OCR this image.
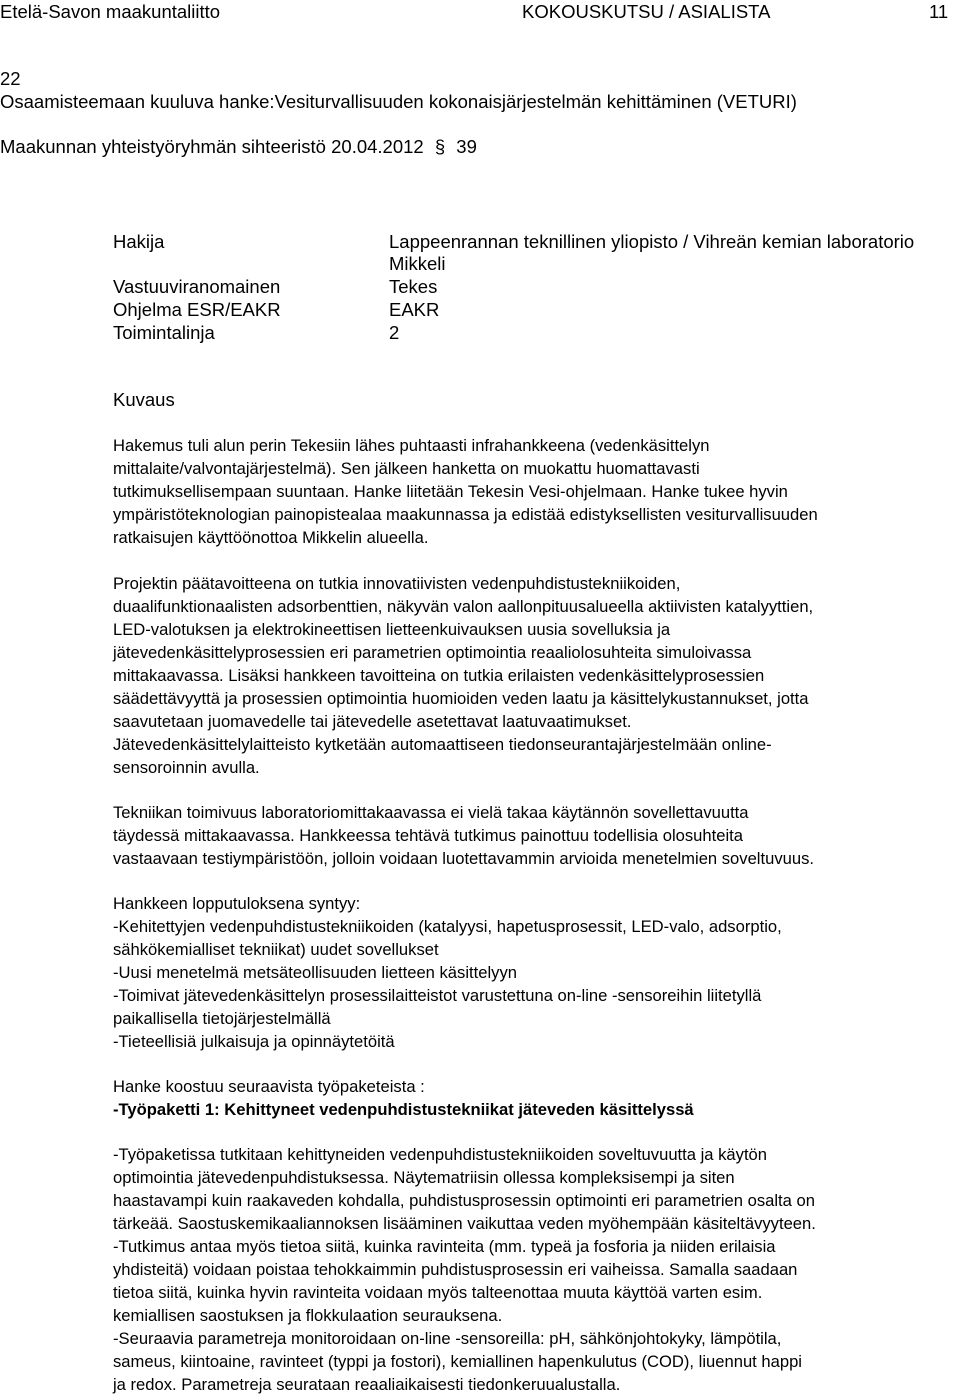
Etelä-Savon maakuntaliitto	KOKOUSKUTSU / ASIALISTA	11
22
Osaamisteemaan kuuluva hanke:Vesiturvallisuuden kokonaisjärjestelmän kehittäminen (VETURI)
Maakunnan yhteistyöryhmän sihteeristö 20.04.2012 § 39
Hakija	Lappeenrannan teknillinen yliopisto / Vihreän kemian laboratorio
Mikkeli
Vastuuviranomainen	Tekes
Ohjelma ESR/EAKR	EAKR
Toimintalinja	2
Kuvaus
Hakemus tuli alun perin Tekesiin lähes puhtaasti infrahankkeena (vedenkäsittelyn
mittalaite/valvontajärjestelmä). Sen jälkeen hanketta on muokattu huomattavasti
tutkimuksellisempaan suuntaan. Hanke liitetään Tekesin Vesi-ohjelmaan. Hanke tukee hyvin
ympäristöteknologian painopistealaa maakunnassa ja edistää edistyksellisten vesiturvallisuuden
ratkaisujen käyttöönottoa Mikkelin alueella.
Projektin päätavoitteena on tutkia innovatiivisten vedenpuhdistustekniikoiden,
duaalifunktionaalisten adsorbenttien, näkyvän valon aallonpituusalueella aktiivisten katalyyttien,
LED-valotuksen ja elektrokineettisen lietteenkuivauksen uusia sovelluksia ja
jätevedenkäsittelyprosessien eri parametrien optimointia reaaliolosuhteita simuloivassa
mittakaavassa. Lisäksi hankkeen tavoitteina on tutkia erilaisten vedenkäsittelyprosessien
säädettävyyttä ja prosessien optimointia huomioiden veden laatu ja käsittelykustannukset, jotta
saavutetaan juomavedelle tai jätevedelle asetettavat laatuvaatimukset.
Jätevedenkäsittelylaitteisto kytketään automaattiseen tiedonseurantajärjestelmään online-
sensoroinnin avulla.
Tekniikan toimivuus laboratoriomittakaavassa ei vielä takaa käytännön sovellettavuutta
täydessä mittakaavassa. Hankkeessa tehtävä tutkimus painottuu todellisia olosuhteita
vastaavaan testiympäristöön, jolloin voidaan luotettavammin arvioida menetelmien soveltuvuus.
Hankkeen lopputuloksena syntyy:
-Kehitettyjen vedenpuhdistustekniikoiden (katalyysi, hapetusprosessit, LED-valo, adsorptio,
sähkökemialliset tekniikat) uudet sovellukset
-Uusi menetelmä metsäteollisuuden lietteen käsittelyyn
-Toimivat jätevedenkäsittelyn prosessilaitteistot varustettuna on-line -sensoreihin liitetyllä
paikallisella tietojärjestelmällä
-Tieteellisiä julkaisuja ja opinnäytetöitä
Hanke koostuu seuraavista työpaketeista :
-Työpaketti 1: Kehittyneet vedenpuhdistustekniikat jäteveden käsittelyssä
-Työpaketissa tutkitaan kehittyneiden vedenpuhdistustekniikoiden soveltuvuutta ja käytön
optimointia jätevedenpuhdistuksessa. Näytematriisin ollessa kompleksisempi ja siten
haastavampi kuin raakaveden kohdalla, puhdistusprosessin optimointi eri parametrien osalta on
tärkeää. Saostuskemikaaliannoksen lisääminen vaikuttaa veden myöhempään käsiteltävyyteen.
-Tutkimus antaa myös tietoa siitä, kuinka ravinteita (mm. typeä ja fosforia ja niiden erilaisia
yhdisteitä) voidaan poistaa tehokkaimmin puhdistusprosessin eri vaiheissa. Samalla saadaan
tietoa siitä, kuinka hyvin ravinteita voidaan myös talteenottaa muuta käyttöä varten esim.
kemiallisen saostuksen ja flokkulaation seurauksena.
-Seuraavia parametreja monitoroidaan on-line -sensoreilla: pH, sähkönjohtokyky, lämpötila,
sameus, kiintoaine, ravinteet (typpi ja fostori), kemiallinen hapenkulutus (COD), liuennut happi
ja redox. Parametreja seurataan reaaliaikaisesti tiedonkeruualustalla.
